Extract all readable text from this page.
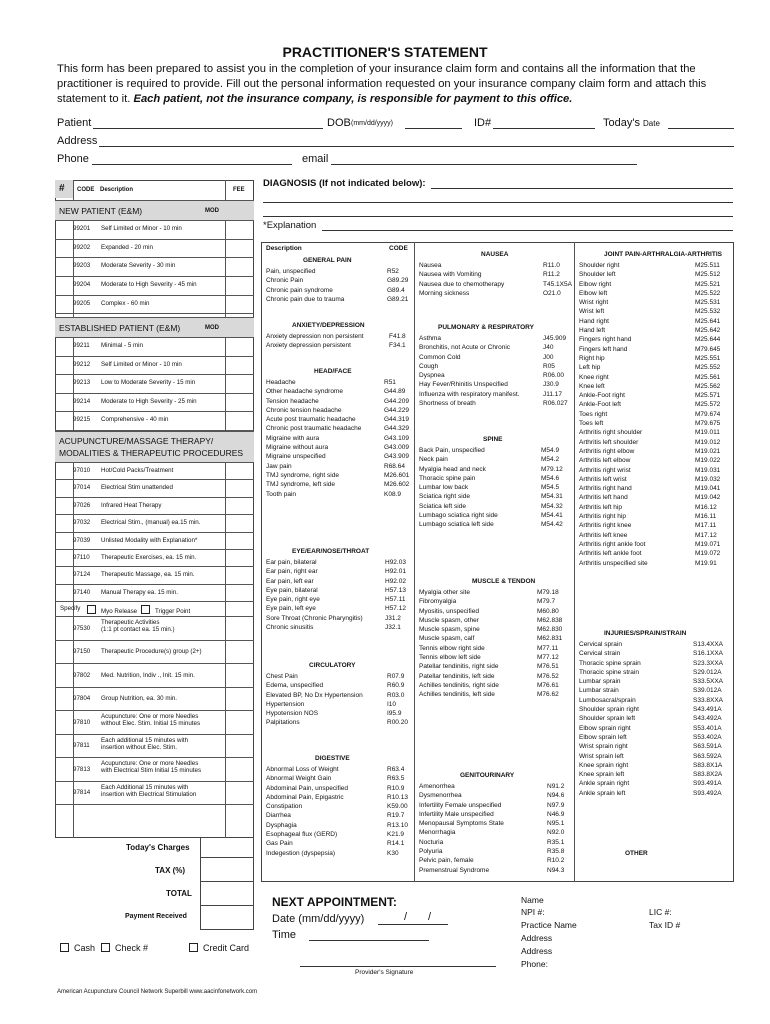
PRACTITIONER'S STATEMENT
This form has been prepared to assist you in the completion of your insurance claim form and contains all the information that the
practitioner is required to provide. Fill out the personal information requested on your insurance company claim form and attach this
statement to it. Each patient, not the insurance company, is responsible for payment to this office.
Patient	DOB (mm/dd/yyyy)	ID#	Today's Date
Address
Phone	email
# CODE Description	FEE
NEW PATIENT (E&M)	MOD
99201 Self Limited or Minor - 10 min
99202 Expanded - 20 min
99203 Moderate Severity - 30 min
99204 Moderate to High Severity - 45 min
99205 Complex - 60 min
ESTABLISHED PATIENT (E&M)	MOD
99211 Minimal - 5 min
99212 Self Limited or Minor - 10 min
99213 Low to Moderate Severity - 15 min
99214 Moderate to High Severity - 25 min
99215 Comprehensive - 40 min
ACUPUNCTURE/MASSAGE THERAPY/
MODALITIES & THERAPEUTIC PROCEDURES
97010 Hot/Cold Packs/Treatment
97014 Electrical Stim unattended
97026 Infrared Heat Therapy
97032 Electrical Stim., (manual) ea.15 min.
97039 Unlisted Modality with Explanation*
97110 Therapeutic Exercises, ea. 15 min.
97124 Therapeutic Massage, ea. 15 min.
97140 Manual Therapy ea. 15 min.
Specify	Myo Release	Trigger Point
97530
Therapeutic Activities
(1:1 pt contact ea. 15 min.)
97150 Therapeutic Procedure(s) group (2+)
97802 Med. Nutrition, Indiv ., Init. 15 min.
97804 Group Nutrition, ea. 30 min.
97810
Acupuncture: One or more Needles
without Elec. Stim. Initial 15 minutes
97811
Each additional 15 minutes with
insertion without Elec. Stim.
97813
Acupuncture: One or more Needles
with Electrical Stim Initial 15 minutes
97814
Each Additional 15 minutes with
insertion with Electrical Stimulation
Today's Charges
TAX (%)
TOTAL
Payment Received
Cash	Check #	Credit Card
DIAGNOSIS (If not indicated below):
*Explanation
Description	CODE
GENERAL PAIN
Pain, unspecified	R52
Chronic Pain	G89.29
Chronic pain syndrome	G89.4
Chronic pain due to trauma	G89.21
ANXIETY/DEPRESSION
Anxiety depression non persistent	F41.8
Anxiety depression persistent	F34.1
HEAD/FACE
Headache	R51
Other headache syndrome	G44.89
Tension headache	G44.209
Chronic tension headache	G44.229
Acute post traumatic headache	G44.319
Chronic post traumatic headache	G44.329
Migraine with aura	G43.109
Migraine without aura	G43.009
Migraine unspecified	G43.909
Jaw pain	R68.64
TMJ syndrome, right side	M26.601
TMJ syndrome, left side	M26.602
Tooth pain	K08.9
EYE/EAR/NOSE/THROAT
Ear pain, bilateral	H92.03
Ear pain, right ear	H92.01
Ear pain, left ear	H92.02
Eye pain, bilateral	H57.13
Eye pain, right eye	H57.11
Eye pain, left eye	H57.12
Sore Throat (Chronic Pharyngitis)	J31.2
Chronic sinusitis	J32.1
CIRCULATORY
Chest Pain	R07.9
Edema, unspecified	R60.9
Elevated BP, No Dx Hypertension	R03.0
Hypertension	I10
Hypotension NOS	I95.9
Palpitations	R00.20
DIGESTIVE
Abnormal Loss of Weight	R63.4
Abnormal Weight Gain	R63.5
Abdominal Pain, unspecified	R10.9
Abdominal Pain, Epigastric	R10.13
Constipation	K59.00
Diarrhea	R19.7
Dysphagia	R13.10
Esophageal flux (GERD)	K21.9
Gas Pain	R14.1
Indegestion (dyspepsia)	K30
NAUSEA
Nausea	R11.0
Nausea with Vomiting	R11.2
Nausea due to chemotherapy	T45.1X5A
Morning sickness	O21.0
PULMONARY & RESPIRATORY
Asthma	J45.909
Bronchitis, not Acute or Chronic	J40
Common Cold	J00
Cough	R05
Dyspnea	R06.00
Hay Fever/Rhinitis Unspecified	J30.9
Influenza with respiratory manifest.	J11.17
Shortness of breath	R06.027
SPINE
Back Pain, unspecified	M54.9
Neck pain	M54.2
Myalgia head and neck	M79.12
Thoracic spine pain	M54.6
Lumbar low back	M54.5
Sciatica right side	M54.31
Sciatica left side	M54.32
Lumbago sciatica right side	M54.41
Lumbago sciatica left side	M54.42
MUSCLE & TENDON
Myalgia other site	M79.18
Fibromyalgia	M79.7
Myositis, unspecified	M60.80
Muscle spasm, other	M62.838
Muscle spasm, spine	M62.830
Muscle spasm, calf	M62.831
Tennis elbow right side	M77.11
Tennis elbow left side	M77.12
Patellar tendinitis, right side	M76.51
Patellar tendinitis, left side	M76.52
Achilles tendinitis, right side	M76.61
Achilles tendinitis, left side	M76.62
GENITOURINARY
Amenorrhea	N91.2
Dysmenorrhea	N94.6
Infertility Female unspecified	N97.9
Infertility Male unspecified	N46.9
Menopausal Symptoms State	N95.1
Menorrhagia	N92.0
Nocturia	R35.1
Polyuria	R35.8
Pelvic pain, female	R10.2
Premenstrual Syndrome	N94.3
JOINT PAIN-ARTHRALGIA-ARTHRITIS
Shoulder right	M25.511
Shoulder left	M25.512
Elbow right	M25.521
Elbow left	M25.522
Wrist right	M25.531
Wrist left	M25.532
Hand right	M25.641
Hand left	M25.642
Fingers right hand	M25.644
Fingers left hand	M79.645
Right hip	M25.551
Left hip	M25.552
Knee right	M25.561
Knee left	M25.562
Ankle-Foot right	M25.571
Ankle-Foot left	M25.572
Toes right	M79.674
Toes left	M79.675
Arthritis right shoulder	M19.011
Arthritis left shoulder	M19.012
Arthritis right elbow	M19.021
Arthritis left elbow	M19.022
Arthritis right wrist	M19.031
Arthritis left wrist	M19.032
Arthritis right hand	M19.041
Arthritis left hand	M19.042
Arthritis left hip	M16.12
Arthritis right hip	M16.11
Arthritis right knee	M17.11
Arthritis left knee	M17.12
Arthritis right ankle foot	M19.071
Arthritis left ankle foot	M19.072
Arthritis unspecified site	M19.91
INJURIES/SPRAIN/STRAIN
Cervical sprain	S13.4XXA
Cervical strain	S16.1XXA
Thoracic spine sprain	S23.3XXA
Thoracic spine strain	S29.012A
Lumbar sprain	S33.5XXA
Lumbar strain	S39.012A
Lumbosacral/sprain	S33.8XXA
Shoulder sprain right	S43.491A
Shoulder sprain left	S43.492A
Elbow sprain right	S53.401A
Elbow sprain left	S53.402A
Wrist sprain right	S63.591A
Wrist sprain left	S63.592A
Knee sprain right	S83.8X1A
Knee sprain left	S83.8X2A
Ankle sprain right	S93.491A
Ankle sprain left	S93.492A
OTHER
NEXT APPOINTMENT:
Date (mm/dd/yyyy)	/ /
Time
Provider's Signature
Name
NPI #:	LIC #:
Practice Name	Tax ID #
Address
Address
Phone:
American Acupuncture Council Network Superbill www.aacinfonetwork.com
